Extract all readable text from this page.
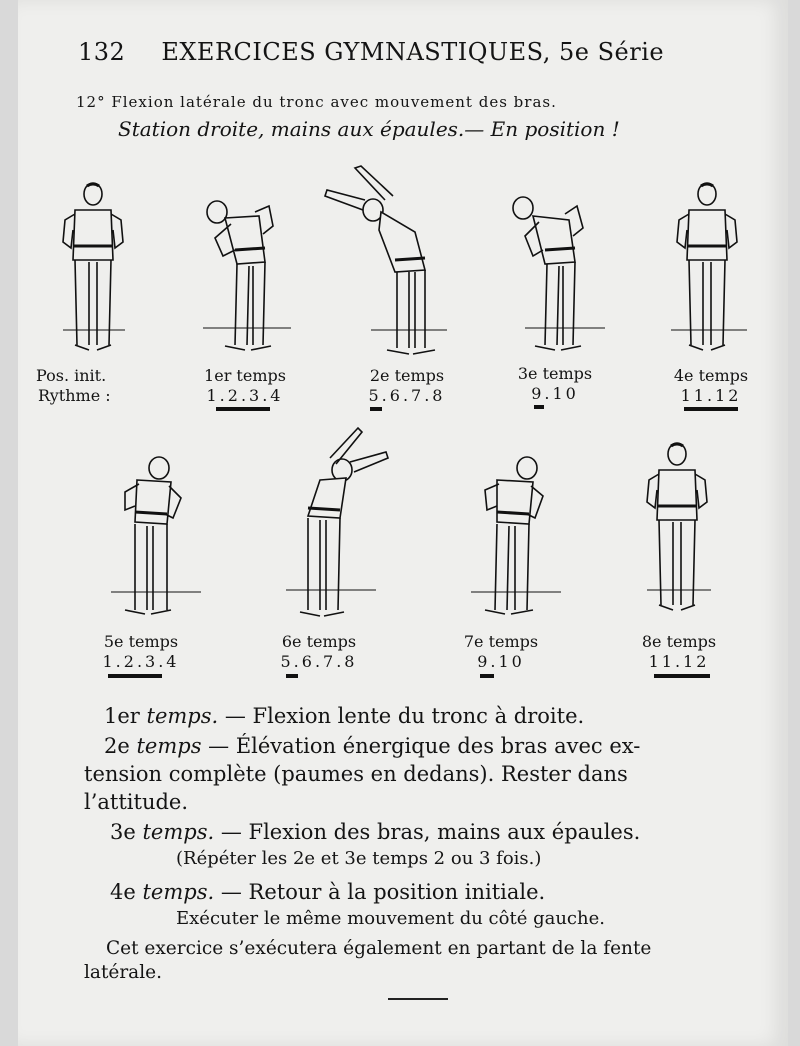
132 EXERCICES GYMNASTIQUES, 5e Série
12° Flexion latérale du tronc avec mouvement des bras.
Station droite, mains aux épaules.— En position !
Pos. init.
Rythme :
1er temps
1.2.3.4
2e temps
5.6.7.8
3e temps
9.10
4e temps
11.12
5e temps
1.2.3.4
6e temps
5.6.7.8
7e temps
9.10
8e temps
11.12
1er temps. — Flexion lente du tronc à droite.
2e temps — Élévation énergique des bras avec ex-
tension complète (paumes en dedans). Rester dans
l’attitude.
3e temps. — Flexion des bras, mains aux épaules.
(Répéter les 2e et 3e temps 2 ou 3 fois.)
4e temps. — Retour à la position initiale.
Exécuter le même mouvement du côté gauche.
Cet exercice s’exécutera également en partant de la fente
latérale.
